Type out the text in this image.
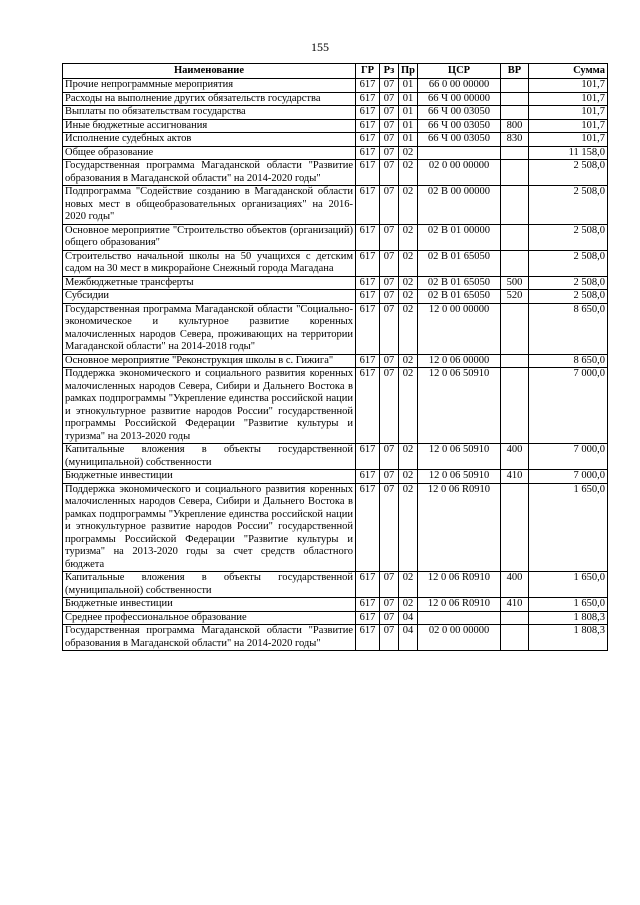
155
Наименование	ГР	Рз	Пр	ЦСР	ВР	Сумма
Прочие непрограммные мероприятия	617	07	01	66 0 00 00000		101,7
Расходы на выполнение других обязательств государства	617	07	01	66 Ч 00 00000		101,7
Выплаты по обязательствам государства	617	07	01	66 Ч 00 03050		101,7
Иные бюджетные ассигнования	617	07	01	66 Ч 00 03050	800	101,7
Исполнение судебных актов	617	07	01	66 Ч 00 03050	830	101,7
Общее образование	617	07	02			11 158,0
Государственная программа Магаданской области "Развитие образования в Магаданской области" на 2014-2020 годы"	617	07	02	02 0 00 00000		2 508,0
Подпрограмма "Содействие созданию в Магаданской области новых мест в общеобразовательных организациях" на 2016-2020 годы"	617	07	02	02 В 00 00000		2 508,0
Основное мероприятие "Строительство объектов (организаций) общего образования"	617	07	02	02 В 01 00000		2 508,0
Строительство начальной школы на 50 учащихся с детским садом на 30 мест в микрорайоне Снежный города Магадана	617	07	02	02 В 01 65050		2 508,0
Межбюджетные трансферты	617	07	02	02 В 01 65050	500	2 508,0
Субсидии	617	07	02	02 В 01 65050	520	2 508,0
Государственная программа Магаданской области "Социально-экономическое и культурное развитие коренных малочисленных народов Севера, проживающих на территории Магаданской области" на 2014-2018 годы"	617	07	02	12 0 00 00000		8 650,0
Основное мероприятие "Реконструкция школы в с. Гижига"	617	07	02	12 0 06 00000		8 650,0
Поддержка экономического и социального развития коренных малочисленных народов Севера, Сибири и Дальнего Востока в рамках подпрограммы "Укрепление единства российской нации и этнокультурное развитие народов России" государственной программы Российской Федерации "Развитие культуры и туризма" на 2013-2020 годы	617	07	02	12 0 06 50910		7 000,0
Капитальные вложения в объекты государственной (муниципальной) собственности	617	07	02	12 0 06 50910	400	7 000,0
Бюджетные инвестиции	617	07	02	12 0 06 50910	410	7 000,0
Поддержка экономического и социального развития коренных малочисленных народов Севера, Сибири и Дальнего Востока в рамках подпрограммы "Укрепление единства российской нации и этнокультурное развитие народов России" государственной программы Российской Федерации "Развитие культуры и туризма" на 2013-2020 годы за счет средств областного бюджета	617	07	02	12 0 06 R0910		1 650,0
Капитальные вложения в объекты государственной (муниципальной) собственности	617	07	02	12 0 06 R0910	400	1 650,0
Бюджетные инвестиции	617	07	02	12 0 06 R0910	410	1 650,0
Среднее профессиональное образование	617	07	04			1 808,3
Государственная программа Магаданской области "Развитие образования в Магаданской области" на 2014-2020 годы"	617	07	04	02 0 00 00000		1 808,3
